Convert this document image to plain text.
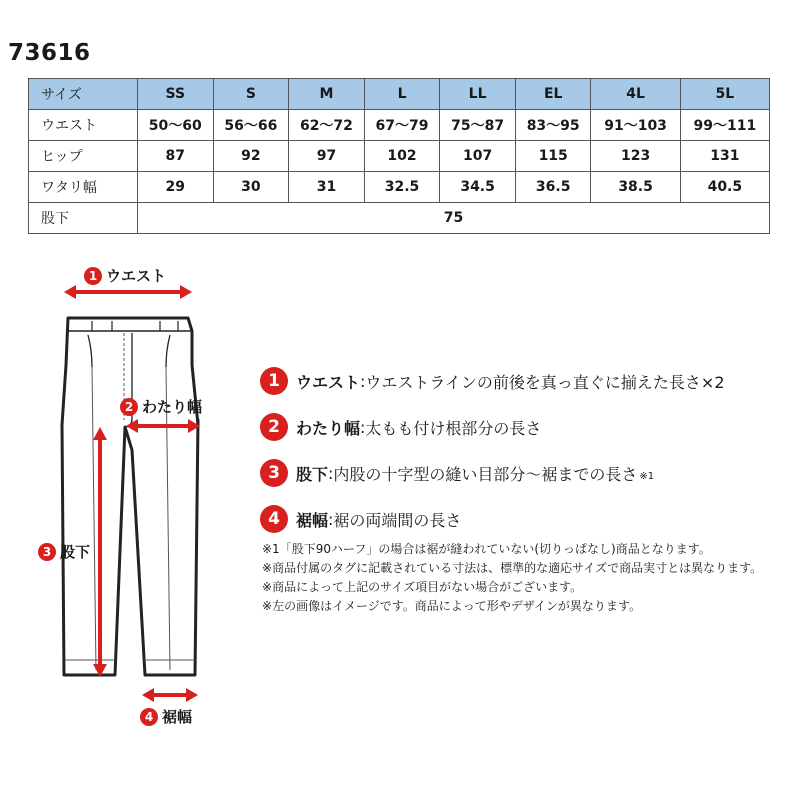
73616
サイズ	SS	S	M	L	LL	EL	4L	5L
ウエスト	50〜60	56〜66	62〜72	67〜79	75〜87	83〜95	91〜103	99〜111
ヒップ	87	92	97	102	107	115	123	131
ワタリ幅	29	30	31	32.5	34.5	36.5	38.5	40.5
股下	75							
1 ウエスト
2 わたり幅
3 股下
4 裾幅
1	ウエスト : ウエストラインの前後を真っ直ぐに揃えた長さ×2
2	わたり幅 : 太もも付け根部分の長さ
3	股下 : 内股の十字型の縫い目部分〜裾までの長さ ※1
4	裾幅 : 裾の両端間の長さ
※1 「股下90ハーフ」の場合は裾が縫われていない(切りっぱなし)商品となります。
※ 商品付属のタグに記載されている寸法は、標準的な適応サイズで商品実寸とは異なります。
※ 商品によって上記のサイズ項目がない場合がございます。
※ 左の画像はイメージです。商品によって形やデザインが異なります。
